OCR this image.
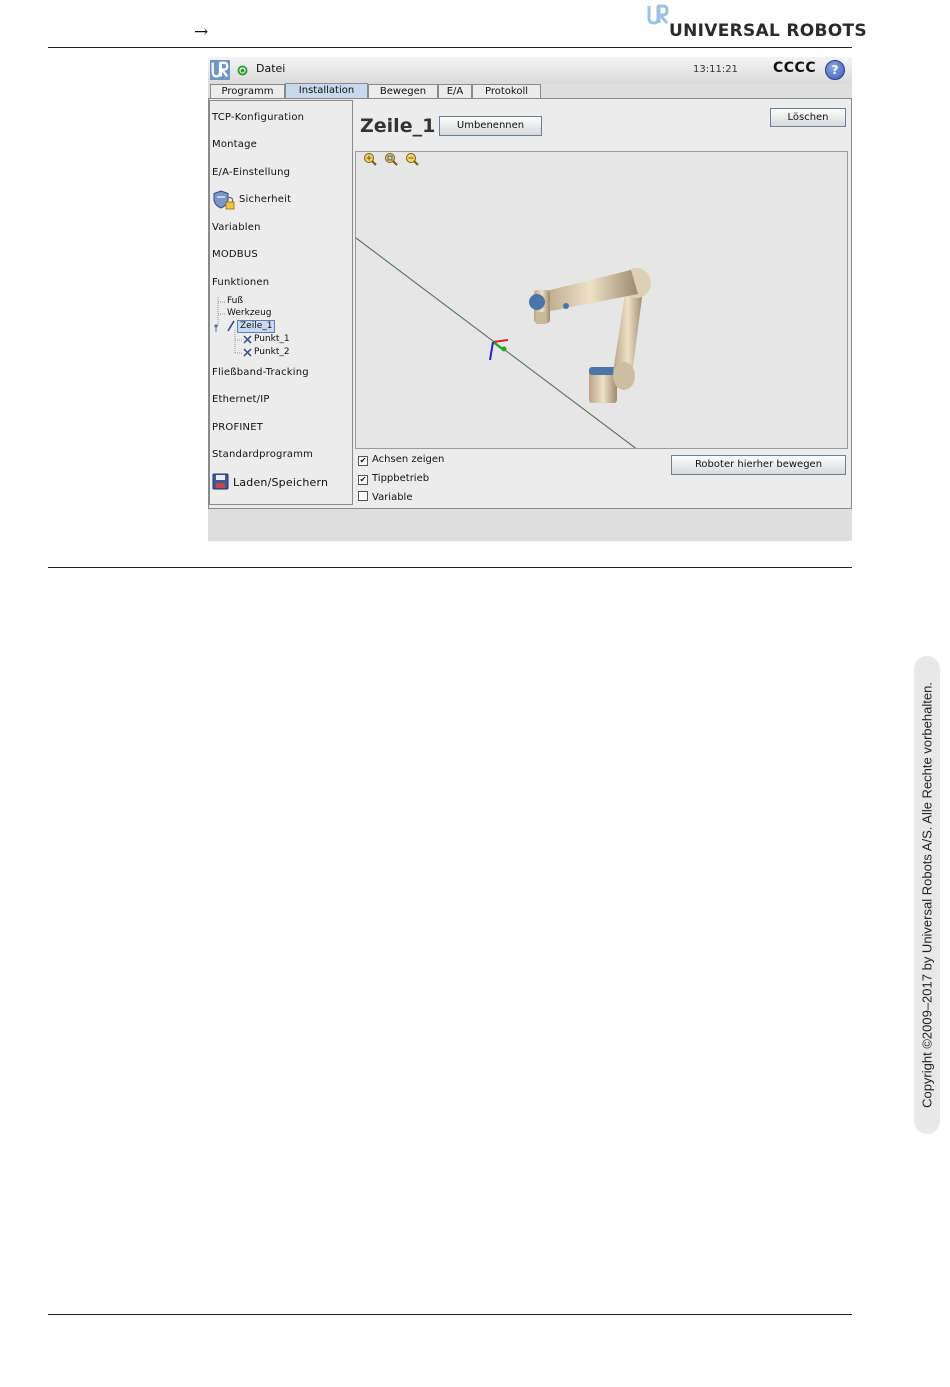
→	UNIVERSAL ROBOTS
Datei	13:11:21	CCCC	?
Programm	Installation	Bewegen	E/A	Protokoll
TCP-Konfiguration
Montage
E/A-Einstellung
Sicherheit
Variablen
MODBUS
Funktionen
Fuß
Werkzeug
Zeile_1
Punkt_1
Punkt_2
Fließband-Tracking
Ethernet/IP
PROFINET
Standardprogramm
Laden/Speichern
Zeile_1	Umbenennen
Löschen
Roboter hierher bewegen
✔ Achsen zeigen
✔ Tippbetrieb
Variable
Copyright ©2009–2017 by Universal Robots A/S. Alle Rechte vorbehalten.
